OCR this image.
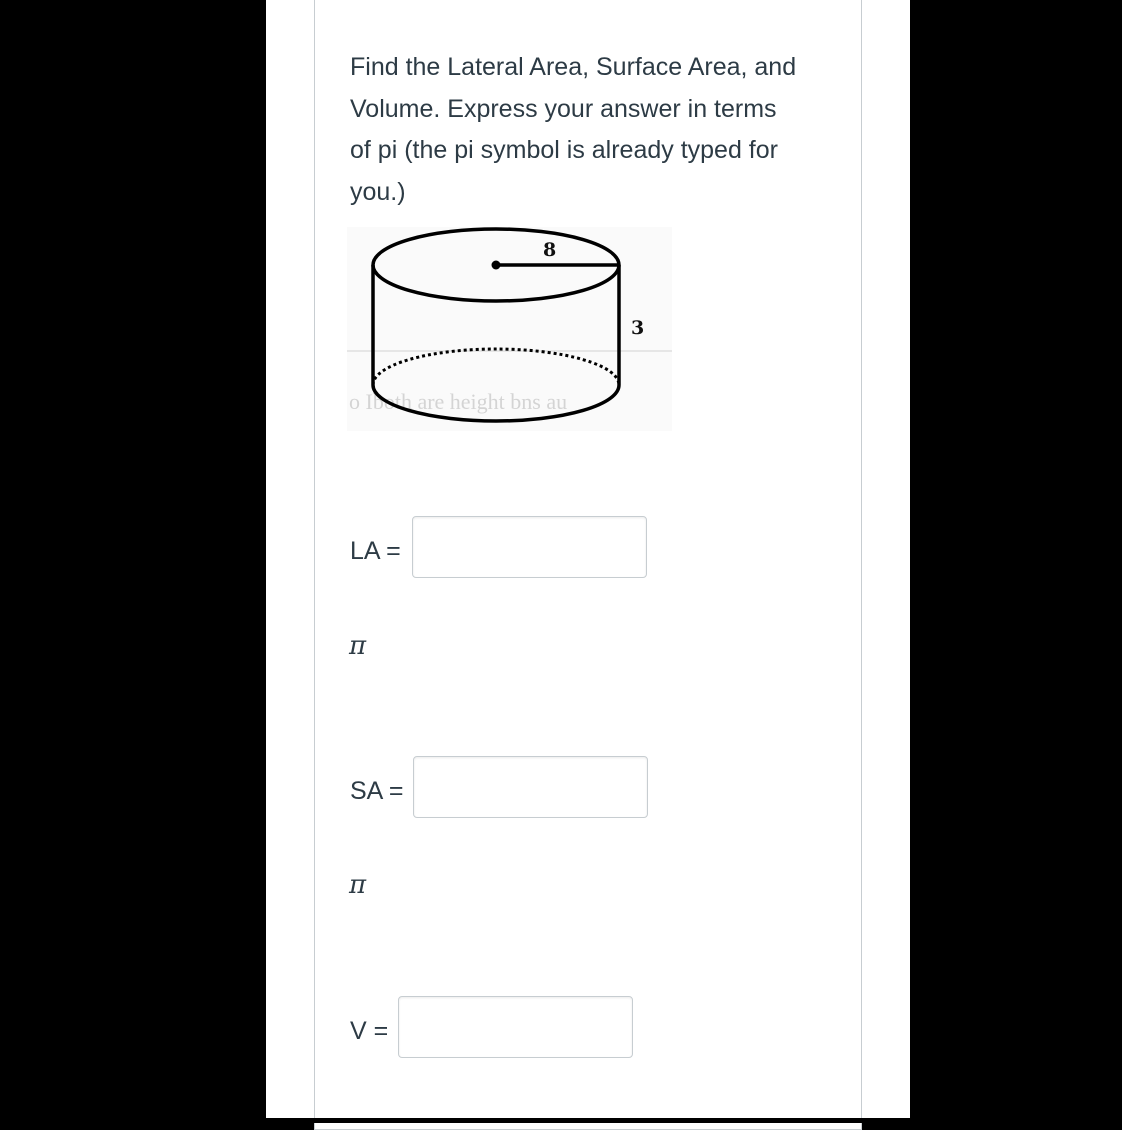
Find the Lateral Area, Surface Area, and Volume. Express your answer in terms of pi (the pi symbol is already typed for you.)
o Iboth are height bns au
8
3
LA =
π
SA =
π
V =
